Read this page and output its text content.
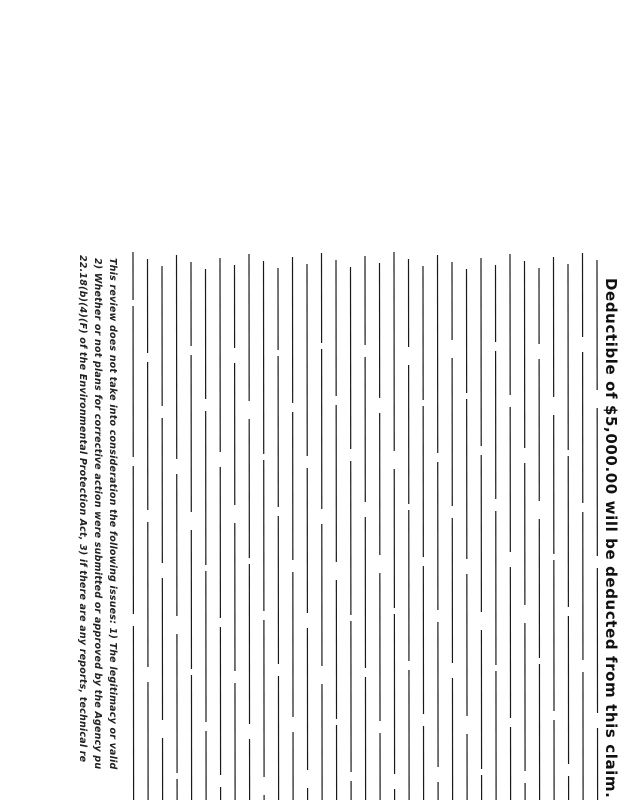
Deductible of $5,000.00 will be deducted from this claim.
This review does not take into consideration the following issues: 1) The legitimacy or valid
2) Whether or not plans for corrective action were submitted or approved by the Agency pu
22.18(b)(4)(F) of the Environmental Protection Act, 3) if there are any reports, technical re
